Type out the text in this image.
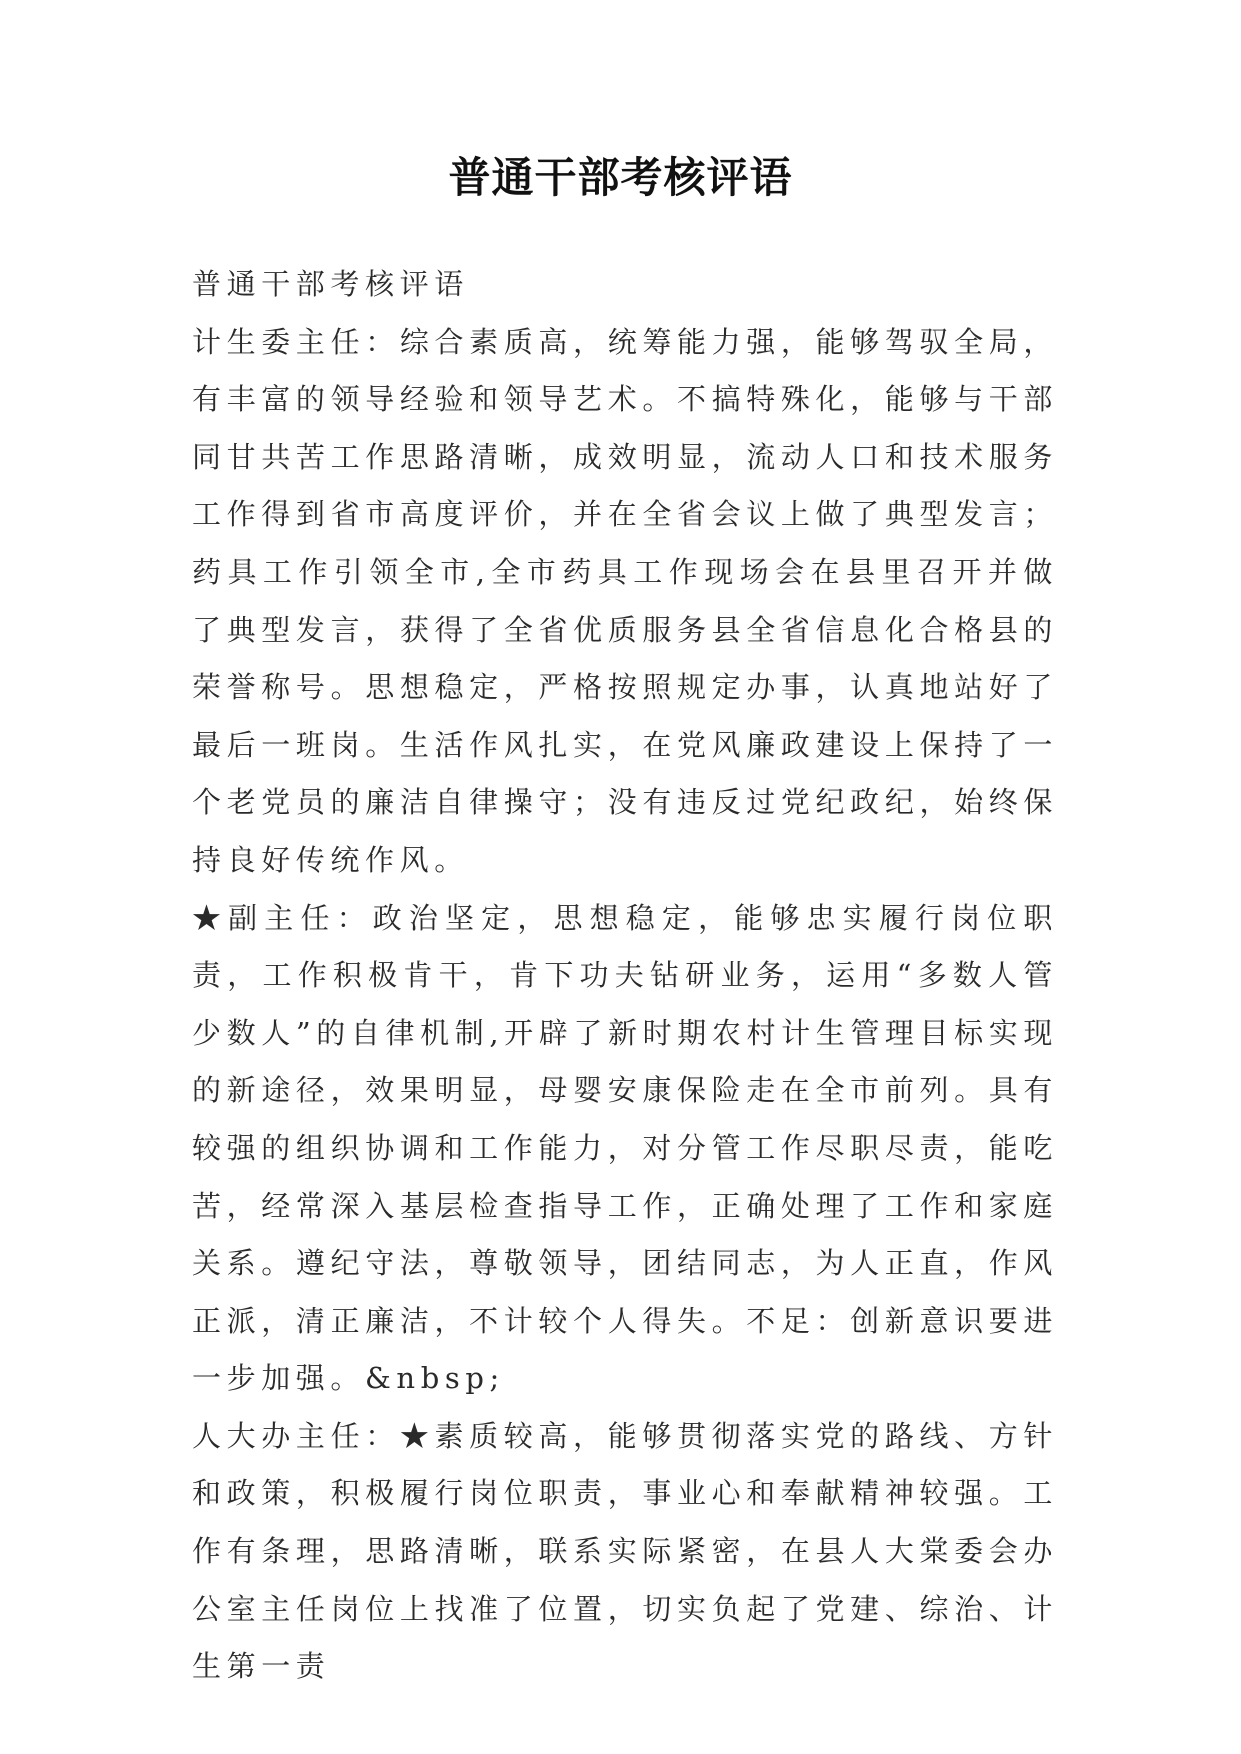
普通干部考核评语

普通干部考核评语

计生委主任：综合素质高，统筹能力强，能够驾驭全局，有丰富的领导经验和领导艺术。不搞特殊化，能够与干部同甘共苦工作思路清晰，成效明显，流动人口和技术服务工作得到省市高度评价，并在全省会议上做了典型发言；药具工作引领全市,全市药具工作现场会在县里召开并做了典型发言，获得了全省优质服务县全省信息化合格县的荣誉称号。思想稳定，严格按照规定办事，认真地站好了最后一班岗。生活作风扎实，在党风廉政建设上保持了一个老党员的廉洁自律操守；没有违反过党纪政纪，始终保持良好传统作风。

★副主任：政治坚定，思想稳定，能够忠实履行岗位职责，工作积极肯干，肯下功夫钻研业务，运用“多数人管少数人”的自律机制,开辟了新时期农村计生管理目标实现的新途径，效果明显，母婴安康保险走在全市前列。具有较强的组织协调和工作能力，对分管工作尽职尽责，能吃苦，经常深入基层检查指导工作，正确处理了工作和家庭关系。遵纪守法，尊敬领导，团结同志，为人正直，作风正派，清正廉洁，不计较个人得失。不足：创新意识要进一步加强。&nbsp;

人大办主任：★素质较高，能够贯彻落实党的路线、方针和政策，积极履行岗位职责，事业心和奉献精神较强。工作有条理，思路清晰，联系实际紧密，在县人大棠委会办公室主任岗位上找准了位置，切实负起了党建、综治、计生第一责
